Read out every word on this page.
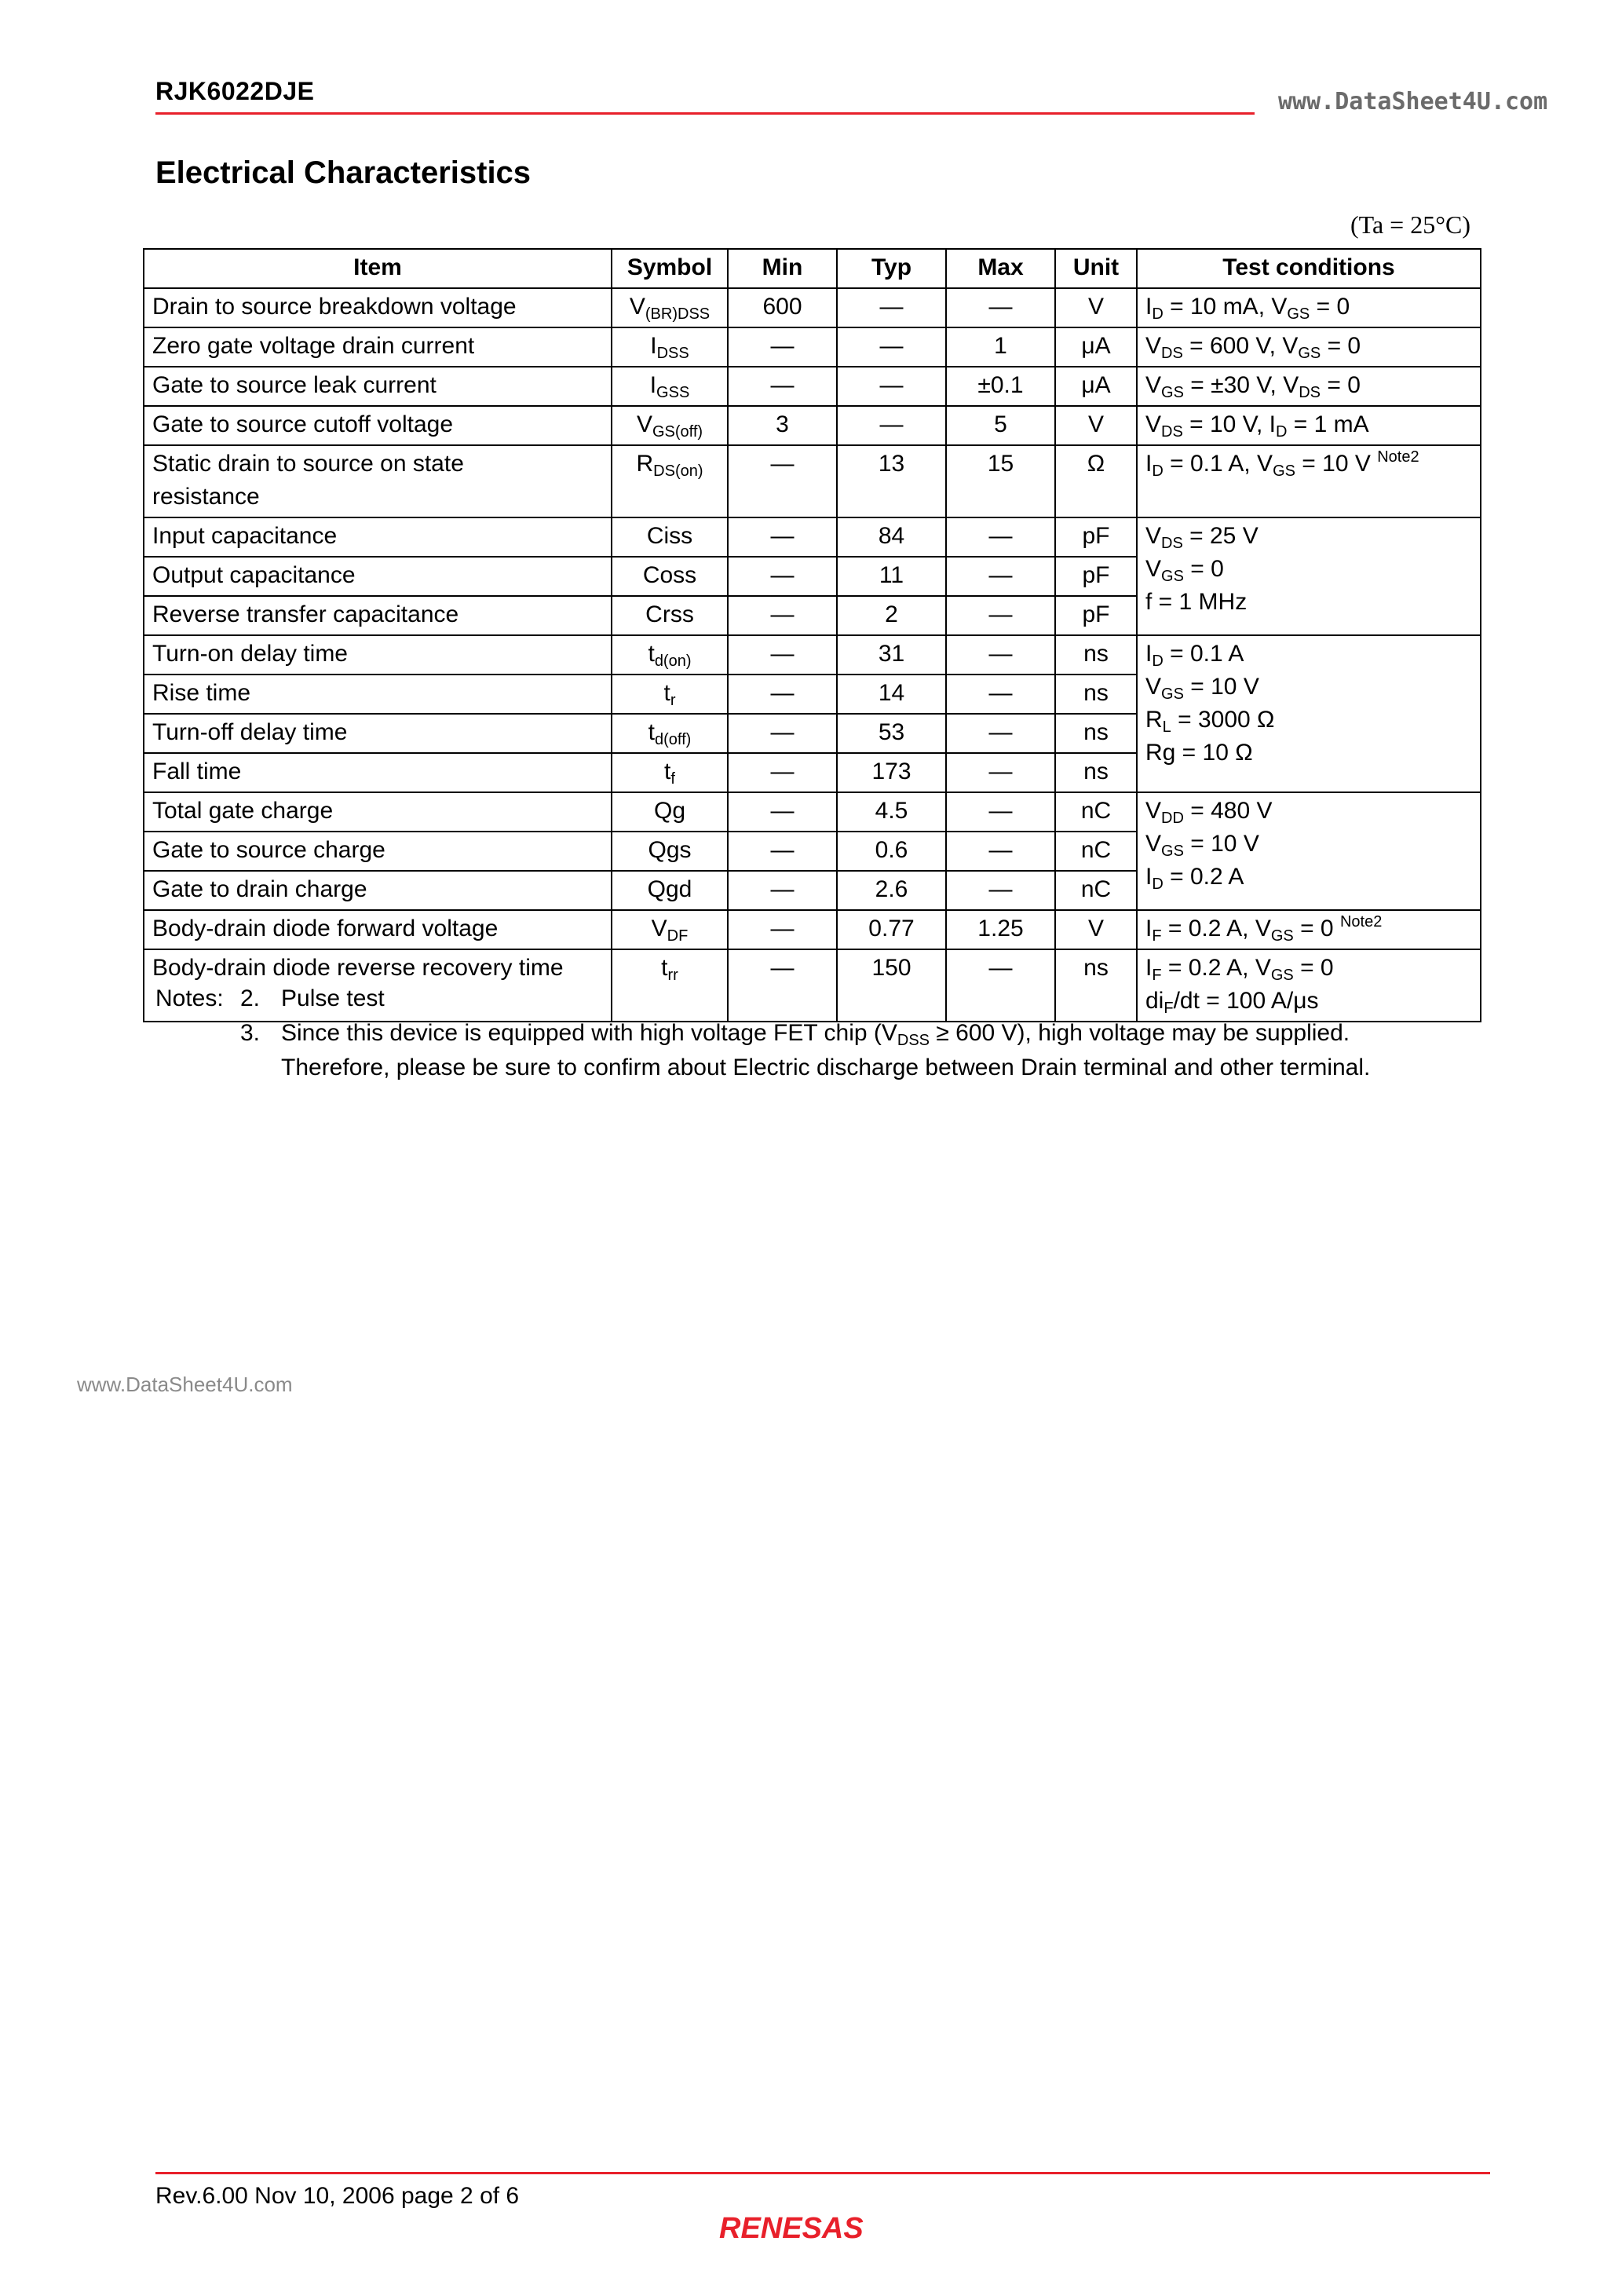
RJK6022DJE	www.DataSheet4U.com
Electrical Characteristics
(Ta = 25°C)
Item	Symbol	Min	Typ	Max	Unit	Test conditions
Drain to source breakdown voltage	$V_{(BR)DSS}$	600	—	—	V	$I_D = 10$ mA, $V_{GS} = 0$
Zero gate voltage drain current	$I_{DSS}$	—	—	1	μA	$V_{DS} = 600$ V, $V_{GS} = 0$
Gate to source leak current	$I_{GSS}$	—	—	±0.1	μA	$V_{GS} = \pm 30$ V, $V_{DS} = 0$
Gate to source cutoff voltage	$V_{GS(off)}$	3	—	5	V	$V_{DS} = 10$ V, $I_D = 1$ mA
Static drain to source on state
resistance	$R_{DS(on)}$	—	13	15	Ω	$I_D = 0.1$ A, $V_{GS} = 10$ V $^{Note2}$
Input capacitance	Ciss	—	84	—	pF	$V_{DS} = 25$ V
$V_{GS} = 0$
f = 1 MHz
Output capacitance	Coss	—	11	—	pF	
Reverse transfer capacitance	Crss	—	2	—	pF	
Turn-on delay time	$t_{d(on)}$	—	31	—	ns	$I_D = 0.1$ A
$V_{GS} = 10$ V
$R_L = 3000$ Ω
Rg = 10 Ω
Rise time	$t_r$	—	14	—	ns	
Turn-off delay time	$t_{d(off)}$	—	53	—	ns	
Fall time	$t_f$	—	173	—	ns	
Total gate charge	Qg	—	4.5	—	nC	$V_{DD} = 480$ V
$V_{GS} = 10$ V
$I_D = 0.2$ A
Gate to source charge	Qgs	—	0.6	—	nC	
Gate to drain charge	Qgd	—	2.6	—	nC	
Body-drain diode forward voltage	$V_{DF}$	—	0.77	1.25	V	$I_F = 0.2$ A, $V_{GS} = 0$ $^{Note2}$
Body-drain diode reverse recovery time	$t_{rr}$	—	150	—	ns	$I_F = 0.2$ A, $V_{GS} = 0$
$di_F/dt = 100$ A/μs
Notes: 2. Pulse test
3. Since this device is equipped with high voltage FET chip ($V_{DSS} \ge 600$ V), high voltage may be supplied.
Therefore, please be sure to confirm about Electric discharge between Drain terminal and other terminal.
www.DataSheet4U.com
Rev.6.00 Nov 10, 2006 page 2 of 6
RENESAS
